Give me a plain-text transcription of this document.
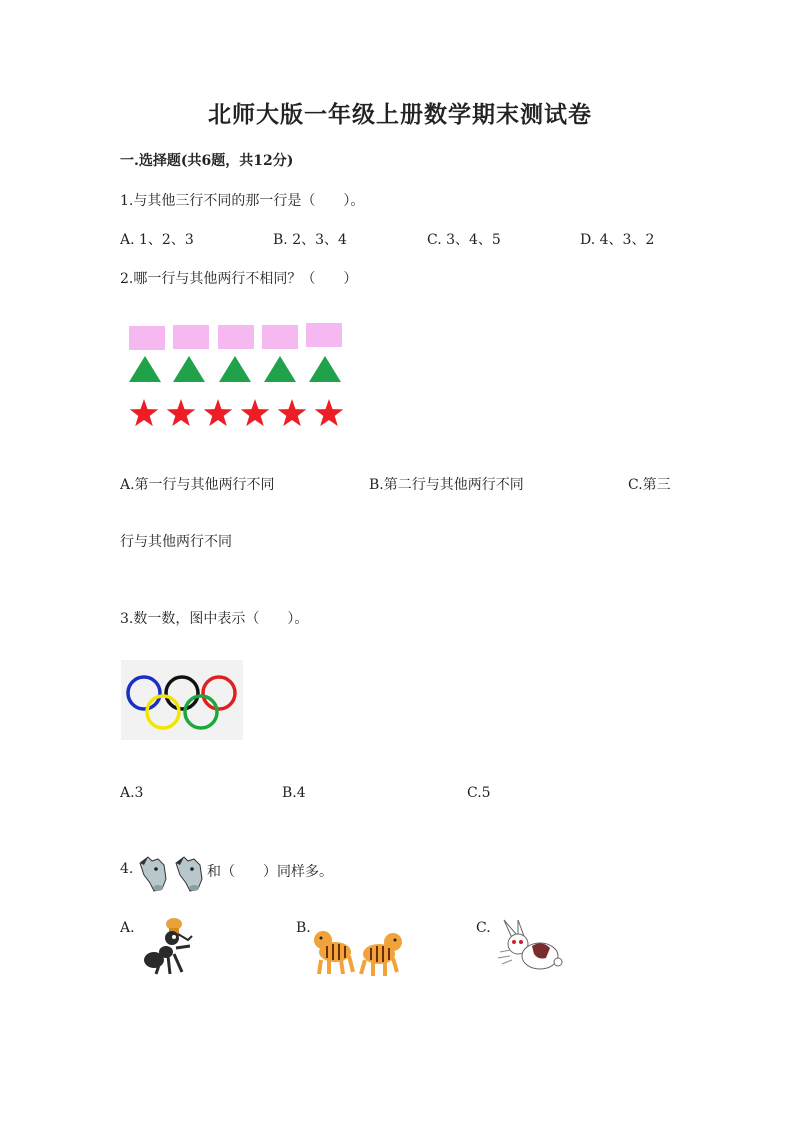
北师大版一年级上册数学期末测试卷
一.选择题(共6题，共12分)
1.与其他三行不同的那一行是（　　）。
A. 1、2、3	B. 2、3、4	C. 3、4、5	D. 4、3、2
2.哪一行与其他两行不相同？（　　）
A.第一行与其他两行不同	B.第二行与其他两行不同	C.第三
行与其他两行不同
3.数一数，图中表示（　　）。
A.3	B.4	C.5
4.	和（　　）同样多。
A.	B.	C.
